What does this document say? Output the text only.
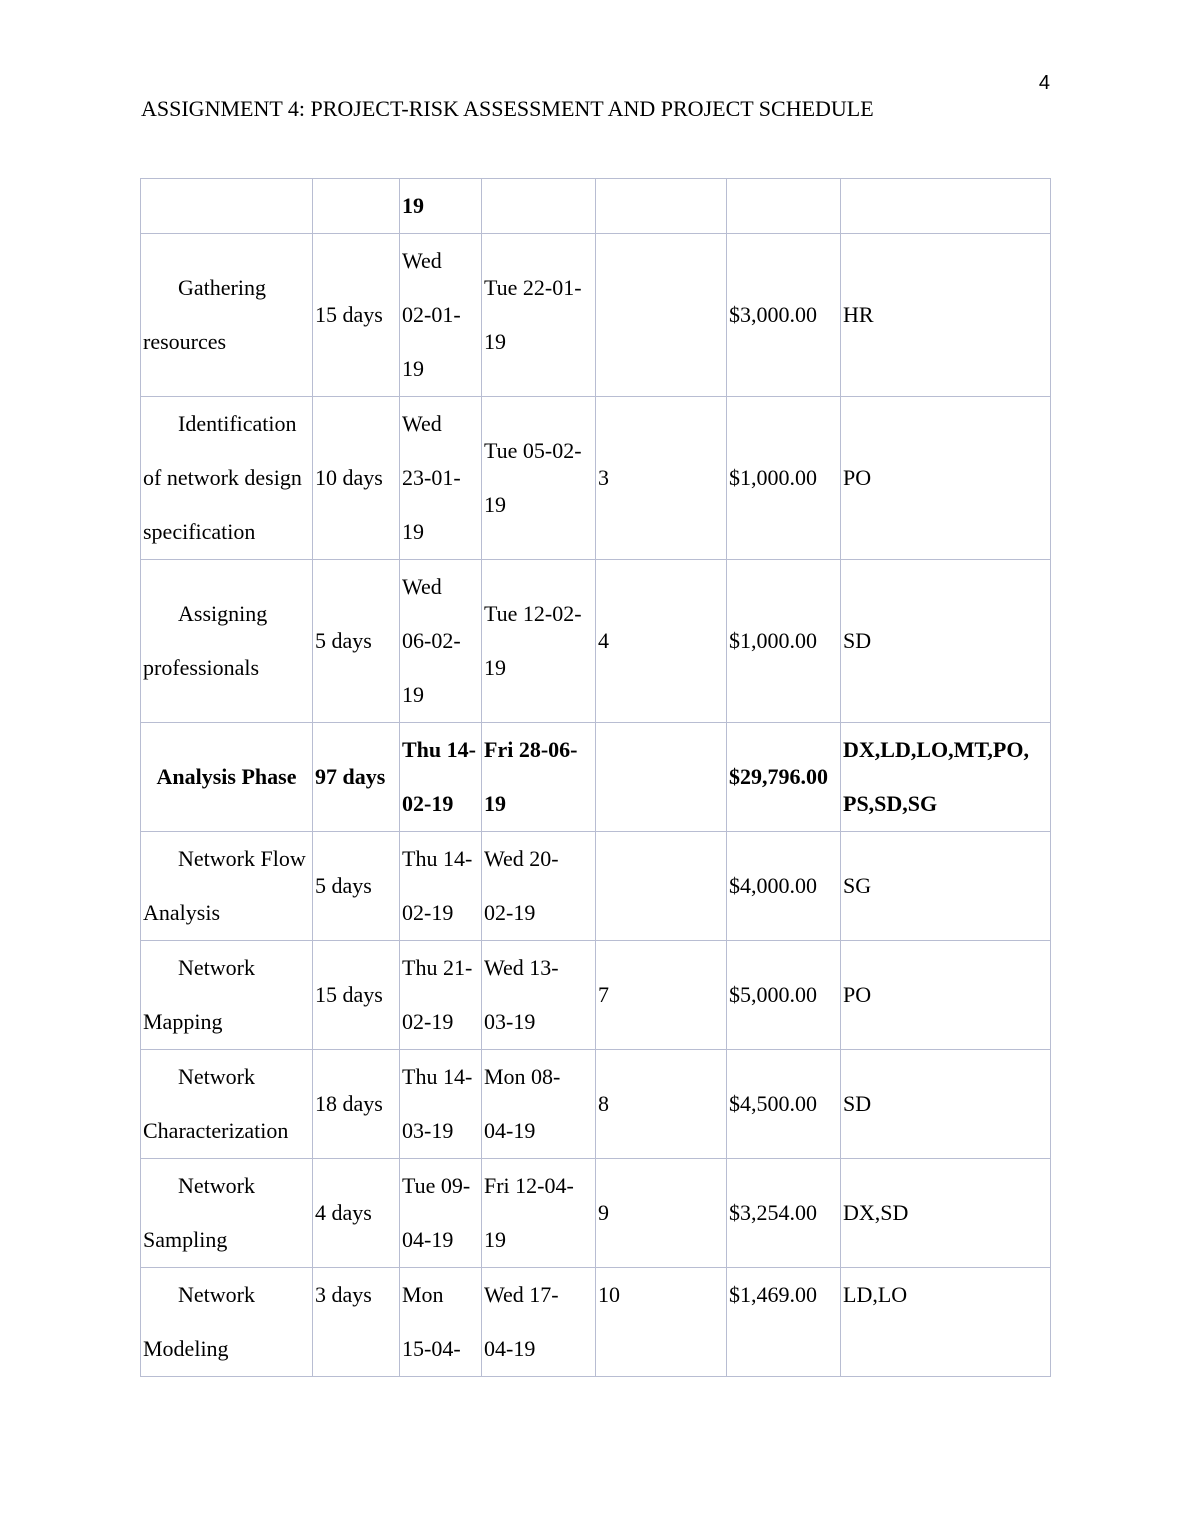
4
ASSIGNMENT 4: PROJECT-RISK ASSESSMENT AND PROJECT SCHEDULE
		19				
Gathering resources	15 days	Wed
02-01-
19	Tue 22-01-
19		$3,000.00	HR
Identification of network design specification	10 days	Wed
23-01-
19	Tue 05-02-
19	3	$1,000.00	PO
Assigning professionals	5 days	Wed
06-02-
19	Tue 12-02-
19	4	$1,000.00	SD
Analysis Phase	97 days	Thu 14-
02-19	Fri 28-06-
19		$29,796.00	DX,LD,LO,MT,PO,
PS,SD,SG
Network Flow Analysis	5 days	Thu 14-
02-19	Wed 20-
02-19		$4,000.00	SG
Network Mapping	15 days	Thu 21-
02-19	Wed 13-
03-19	7	$5,000.00	PO
Network Characterization	18 days	Thu 14-
03-19	Mon 08-
04-19	8	$4,500.00	SD
Network Sampling	4 days	Tue 09-
04-19	Fri 12-04-
19	9	$3,254.00	DX,SD
Network Modeling	3 days	Mon
15-04-	Wed 17-
04-19	10	$1,469.00	LD,LO
